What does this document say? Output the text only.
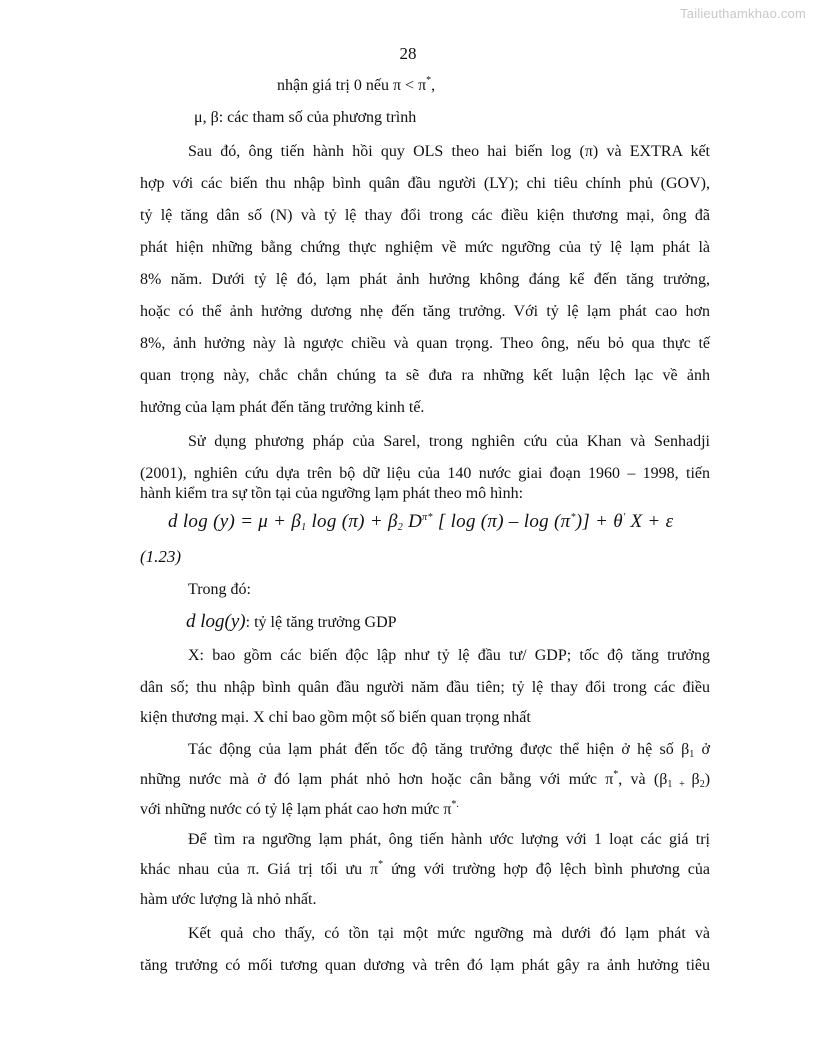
Tailieuthamkhao.com
28
nhận giá trị 0 nếu π < π*,
μ, β: các tham số của phương trình
Sau đó, ông tiến hành hồi quy OLS theo hai biến log (π) và EXTRA kết
hợp với các biến thu nhập bình quân đầu người (LY); chi tiêu chính phủ (GOV),
tỷ lệ tăng dân số (N) và tỷ lệ thay đổi trong các điều kiện thương mại, ông đã
phát hiện những bằng chứng thực nghiệm về mức ngưỡng của tỷ lệ lạm phát là
8% năm. Dưới tỷ lệ đó, lạm phát ảnh hưởng không đáng kể đến tăng trưởng,
hoặc có thể ảnh hưởng dương nhẹ đến tăng trưởng. Với tỷ lệ lạm phát cao hơn
8%, ảnh hưởng này là ngược chiều và quan trọng. Theo ông, nếu bỏ qua thực tế
quan trọng này, chắc chắn chúng ta sẽ đưa ra những kết luận lệch lạc về ảnh
hưởng của lạm phát đến tăng trưởng kinh tế.
Sử dụng phương pháp của Sarel, trong nghiên cứu của Khan và Senhadji
(2001), nghiên cứu dựa trên bộ dữ liệu của 140 nước giai đoạn 1960 – 1998, tiến
hành kiểm tra sự tồn tại của ngưỡng lạm phát theo mô hình:
d $\log (y) = \mu + \beta_1$ $\log (\pi) + \beta_2$ $D^{\pi*}$ [ log (π) – log (π*)] + θ' X + ε
(1.23)
Trong đó:
d log(y): tỷ lệ tăng trưởng GDP
X: bao gồm các biến độc lập như tỷ lệ đầu tư/ GDP; tốc độ tăng trưởng
dân số; thu nhập bình quân đầu người năm đầu tiên; tỷ lệ thay đổi trong các điều
kiện thương mại. X chỉ bao gồm một số biến quan trọng nhất
Tác động của lạm phát đến tốc độ tăng trưởng được thể hiện ở hệ số $\beta_1$ ở
những nước mà ở đó lạm phát nhỏ hơn hoặc cân bằng với mức π*, và ($\beta_{1 +}$ $\beta_2$)
với những nước có tỷ lệ lạm phát cao hơn mức π*.
Để tìm ra ngưỡng lạm phát, ông tiến hành ước lượng với 1 loạt các giá trị
khác nhau của π. Giá trị tối ưu π* ứng với trường hợp độ lệch bình phương của
hàm ước lượng là nhỏ nhất.
Kết quả cho thấy, có tồn tại một mức ngưỡng mà dưới đó lạm phát và
tăng trưởng có mối tương quan dương và trên đó lạm phát gây ra ảnh hưởng tiêu
